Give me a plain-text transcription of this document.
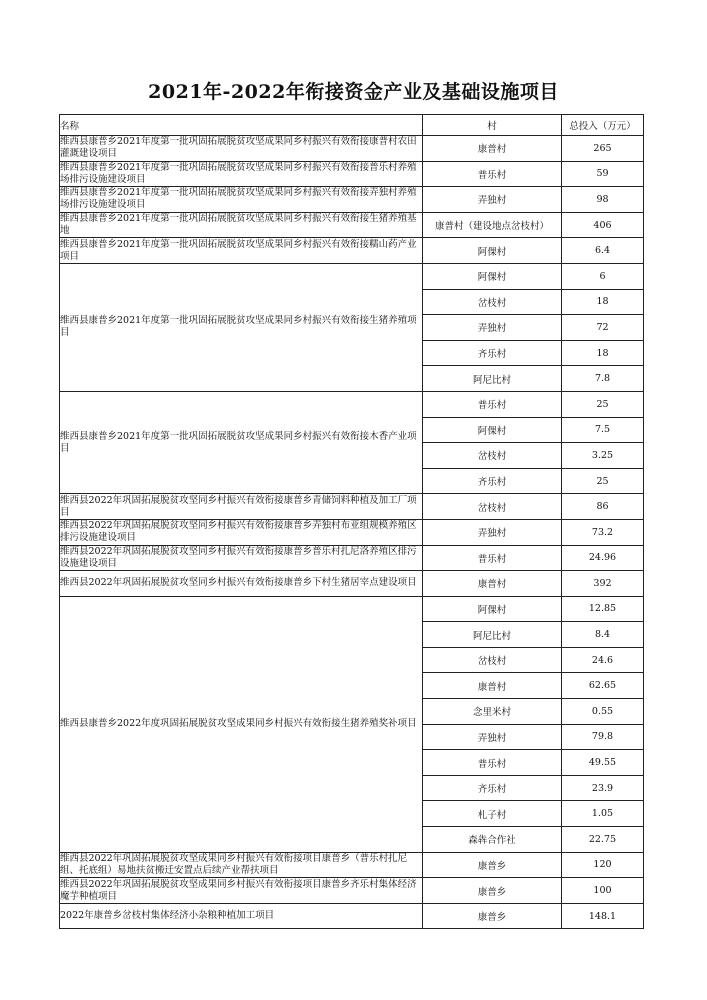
2021年-2022年衔接资金产业及基础设施项目
名称	村	总投入（万元）
维西县康普乡2021年度第一批巩固拓展脱贫攻坚成果同乡村振兴有效衔接康普村农田灌溉建设项目	康普村	265
维西县康普乡2021年度第一批巩固拓展脱贫攻坚成果同乡村振兴有效衔接普乐村养殖场排污设施建设项目	普乐村	59
维西县康普乡2021年度第一批巩固拓展脱贫攻坚成果同乡村振兴有效衔接弄独村养殖场排污设施建设项目	弄独村	98
维西县康普乡2021年度第一批巩固拓展脱贫攻坚成果同乡村振兴有效衔接生猪养殖基地	康普村（建设地点岔枝村）	406
维西县康普乡2021年度第一批巩固拓展脱贫攻坚成果同乡村振兴有效衔接糯山药产业项目	阿倮村	6.4
维西县康普乡2021年度第一批巩固拓展脱贫攻坚成果同乡村振兴有效衔接生猪养殖项目	阿倮村	6
	岔枝村	18
	弄独村	72
	齐乐村	18
	阿尼比村	7.8
维西县康普乡2021年度第一批巩固拓展脱贫攻坚成果同乡村振兴有效衔接木香产业项目	普乐村	25
	阿倮村	7.5
	岔枝村	3.25
	齐乐村	25
维西县2022年巩固拓展脱贫攻坚同乡村振兴有效衔接康普乡青储饲料种植及加工厂项目	岔枝村	86
维西县2022年巩固拓展脱贫攻坚同乡村振兴有效衔接康普乡弄独村布亚组规模养殖区排污设施建设项目	弄独村	73.2
维西县2022年巩固拓展脱贫攻坚同乡村振兴有效衔接康普乡普乐村扎尼洛养殖区排污设施建设项目	普乐村	24.96
维西县2022年巩固拓展脱贫攻坚同乡村振兴有效衔接康普乡下村生猪居宰点建设项目	康普村	392
维西县康普乡2022年度巩固拓展脱贫攻坚成果同乡村振兴有效衔接生猪养殖奖补项目	阿倮村	12.85
	阿尼比村	8.4
	岔枝村	24.6
	康普村	62.65
	念里米村	0.55
	弄独村	79.8
	普乐村	49.55
	齐乐村	23.9
	札子村	1.05
	森犇合作社	22.75
维西县2022年巩固拓展脱贫攻坚成果同乡村振兴有效衔接项目康普乡（普乐村扎尼组、托底组）易地扶贫搬迁安置点后续产业帮扶项目	康普乡	120
维西县2022年巩固拓展脱贫攻坚成果同乡村振兴有效衔接项目康普乡齐乐村集体经济魔芋种植项目	康普乡	100
2022年康普乡岔枝村集体经济小杂粮种植加工项目	康普乡	148.1
